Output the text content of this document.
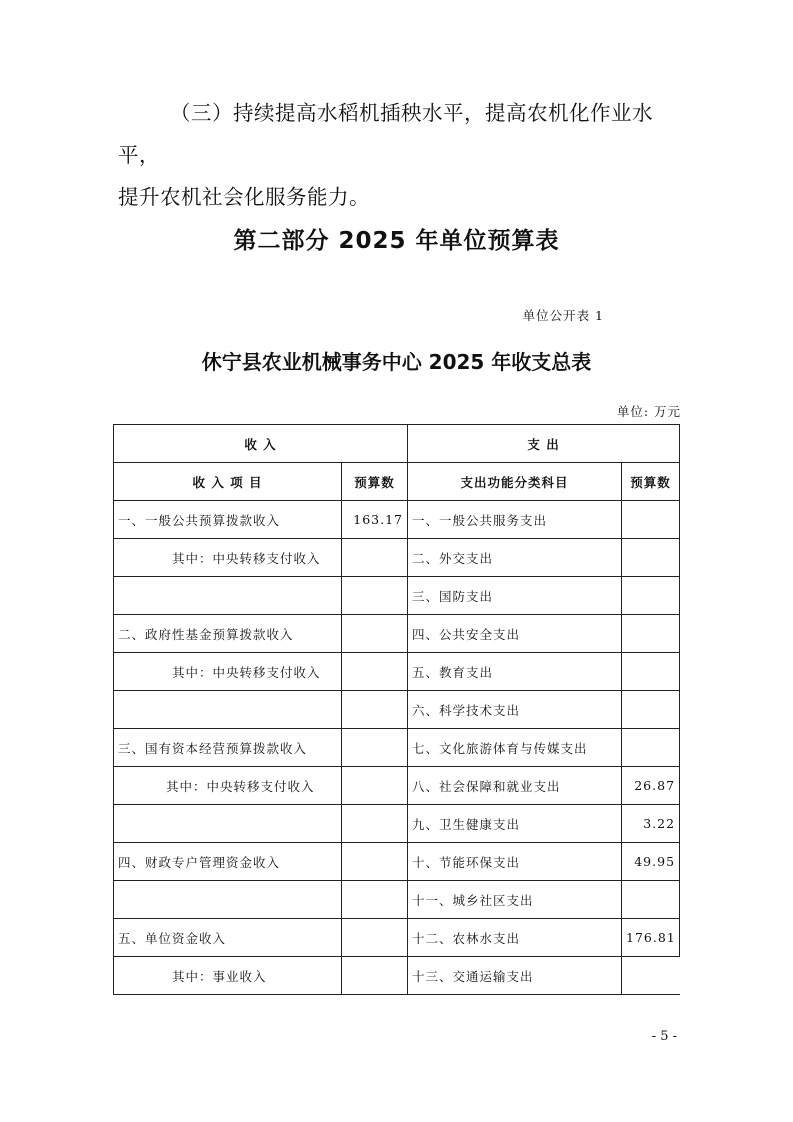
（三）持续提高水稻机插秧水平，提高农机化作业水平，
提升农机社会化服务能力。
第二部分 2025 年单位预算表
单位公开表 1
休宁县农业机械事务中心 2025 年收支总表
单位: 万元
收 入		支 出	
收 入 项 目	预算数	支出功能分类科目	预算数
一、一般公共预算拨款收入	163.17	一、一般公共服务支出	
其中：中央转移支付收入		二、外交支出	
		三、国防支出	
二、政府性基金预算拨款收入		四、公共安全支出	
其中：中央转移支付收入		五、教育支出	
		六、科学技术支出	
三、国有资本经营预算拨款收入		七、文化旅游体育与传媒支出	
其中：中央转移支付收入		八、社会保障和就业支出	26.87
		九、卫生健康支出	3.22
四、财政专户管理资金收入		十、节能环保支出	49.95
		十一、城乡社区支出	
五、单位资金收入		十二、农林水支出	176.81
其中：事业收入		十三、交通运输支出	
- 5 -
